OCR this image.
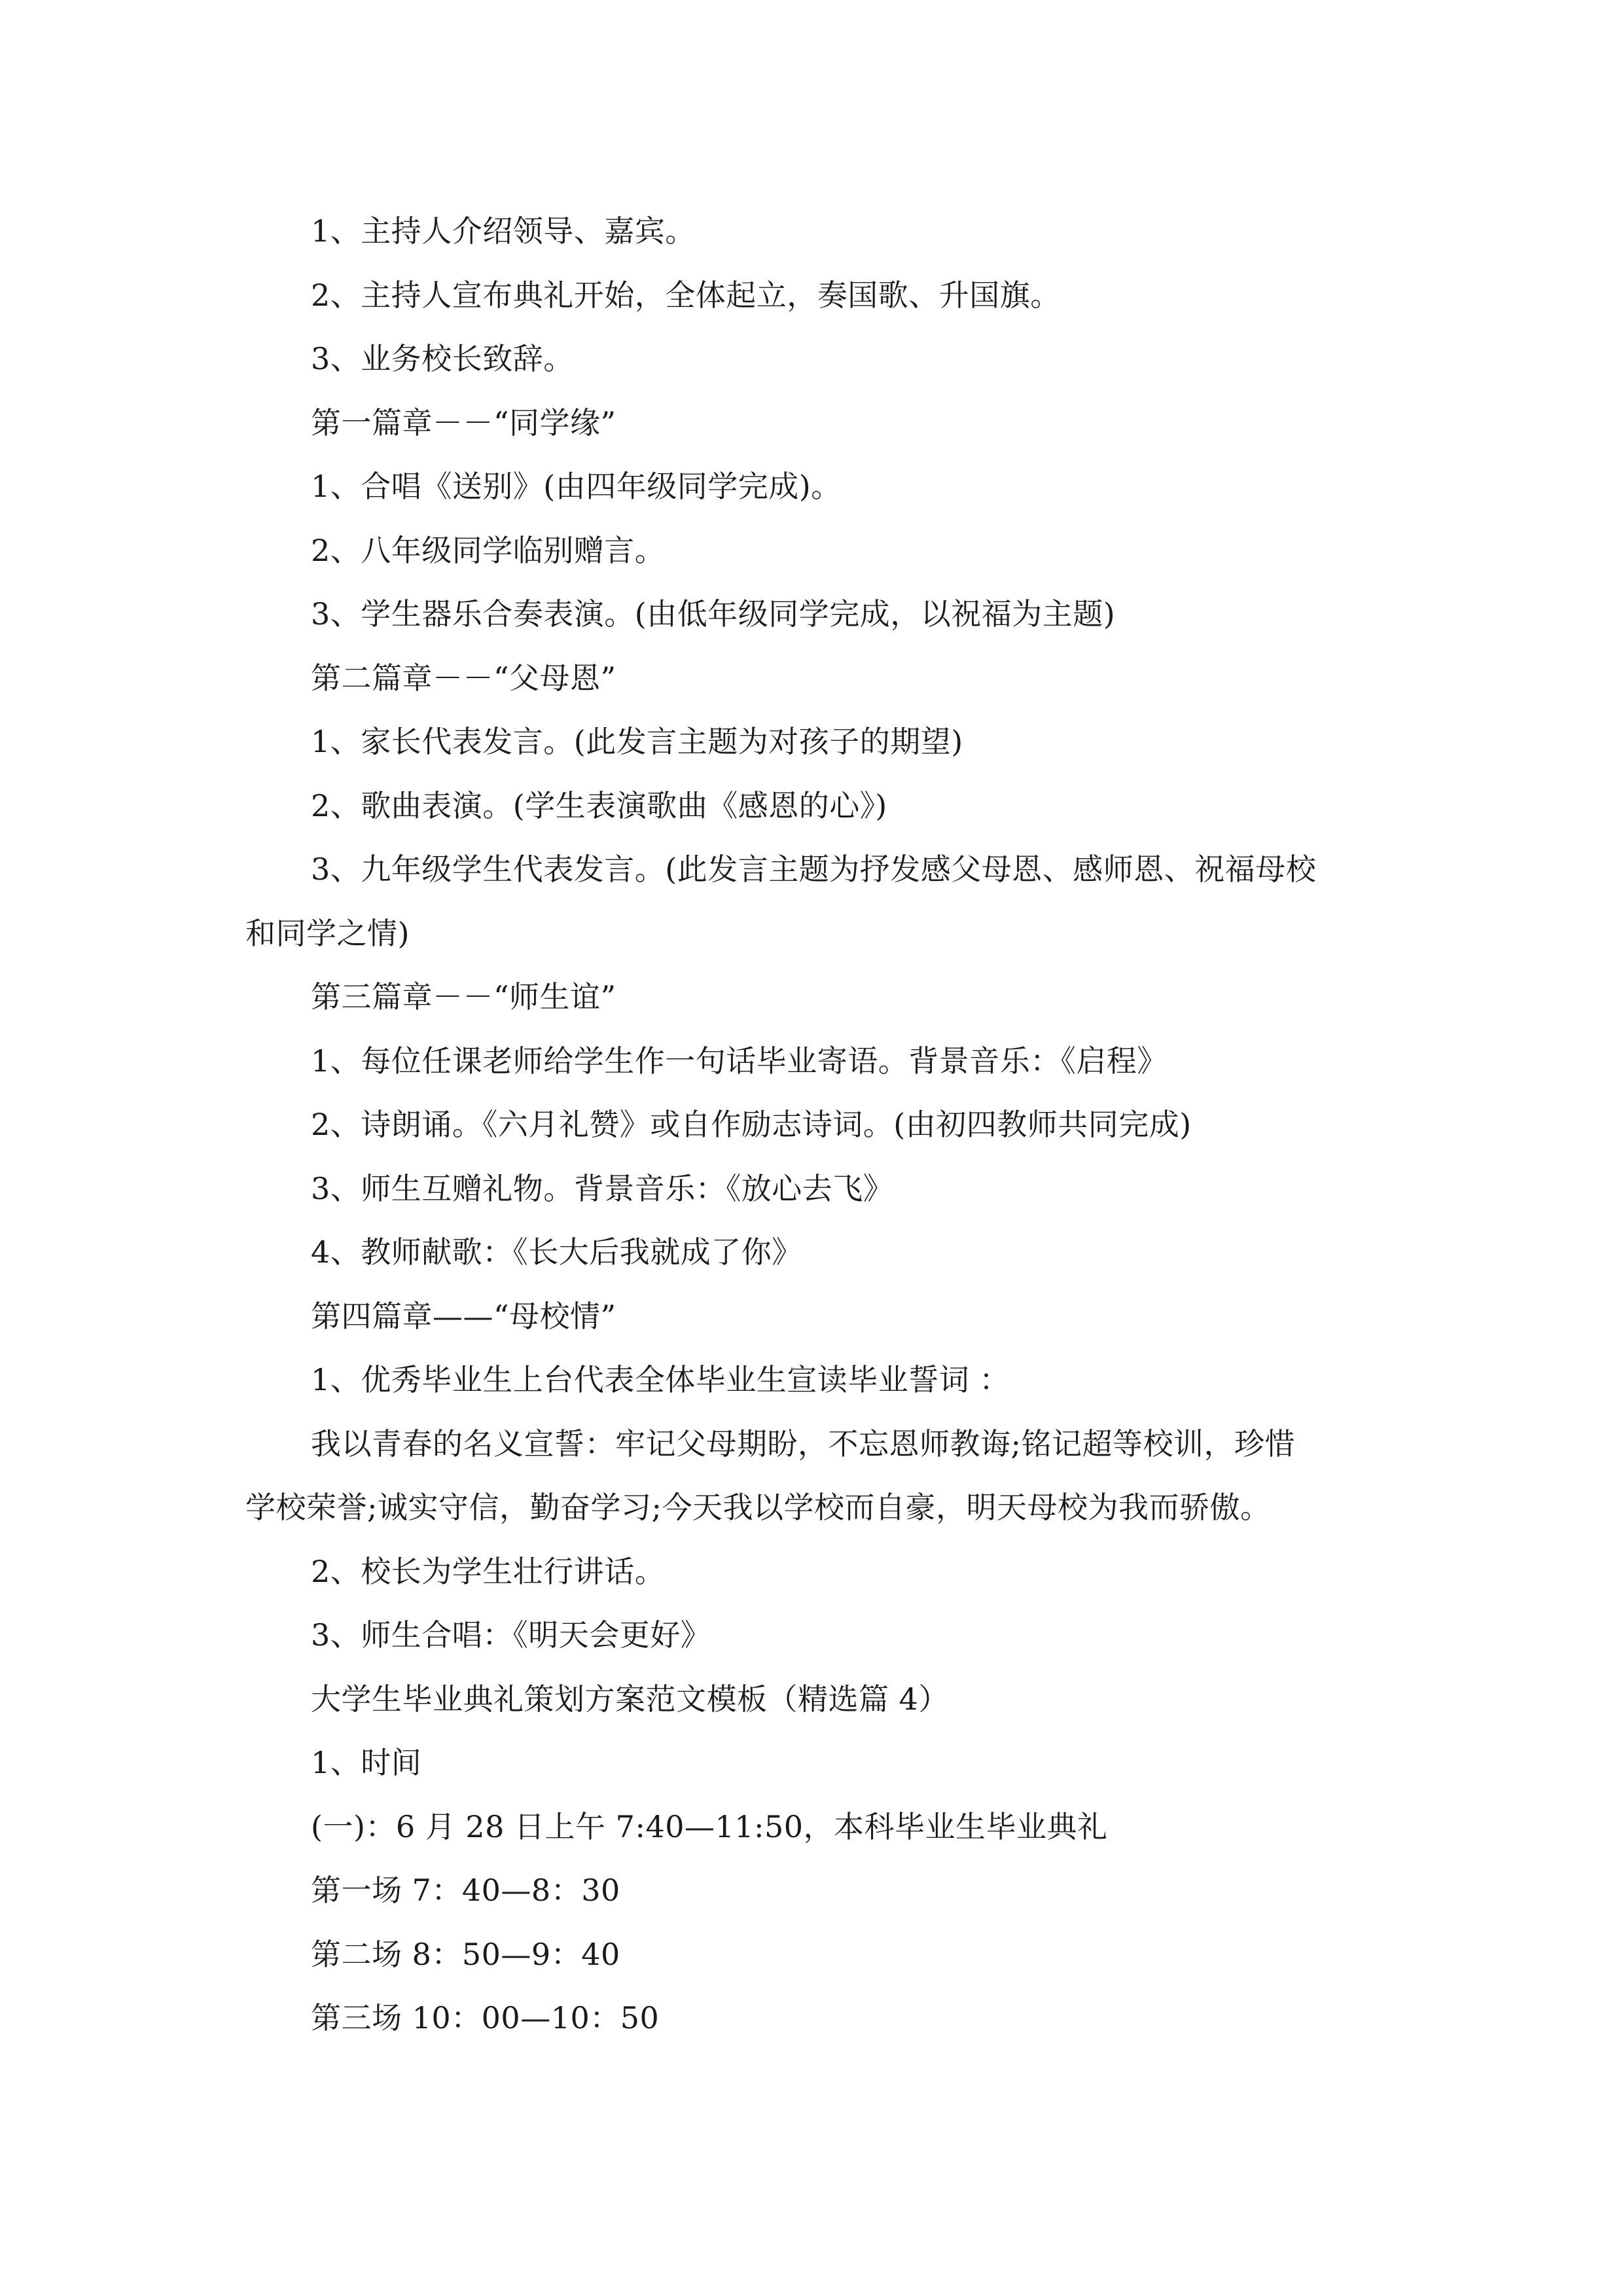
1、主持人介绍领导、嘉宾。

2、主持人宣布典礼开始，全体起立，奏国歌、升国旗。

3、业务校长致辞。

第一篇章－－“同学缘”

1、合唱《送别》(由四年级同学完成)。

2、八年级同学临别赠言。

3、学生器乐合奏表演。(由低年级同学完成，以祝福为主题)

第二篇章－－“父母恩”

1、家长代表发言。(此发言主题为对孩子的期望)

2、歌曲表演。(学生表演歌曲《感恩的心》)

3、九年级学生代表发言。(此发言主题为抒发感父母恩、感师恩、祝福母校

和同学之情)

第三篇章－－“师生谊”

1、每位任课老师给学生作一句话毕业寄语。背景音乐：《启程》

2、诗朗诵。《六月礼赞》或自作励志诗词。(由初四教师共同完成)

3、师生互赠礼物。背景音乐：《放心去飞》

4、教师献歌：《长大后我就成了你》

第四篇章——“母校情”

1、优秀毕业生上台代表全体毕业生宣读毕业誓词 ：

我以青春的名义宣誓：牢记父母期盼，不忘恩师教诲;铭记超等校训，珍惜

学校荣誉;诚实守信，勤奋学习;今天我以学校而自豪，明天母校为我而骄傲。

2、校长为学生壮行讲话。

3、师生合唱：《明天会更好》

大学生毕业典礼策划方案范文模板（精选篇 4）

1、时间

(一)：6 月 28 日上午 7:40—11:50，本科毕业生毕业典礼

第一场 7：40—8：30

第二场 8：50—9：40

第三场 10：00—10：50
